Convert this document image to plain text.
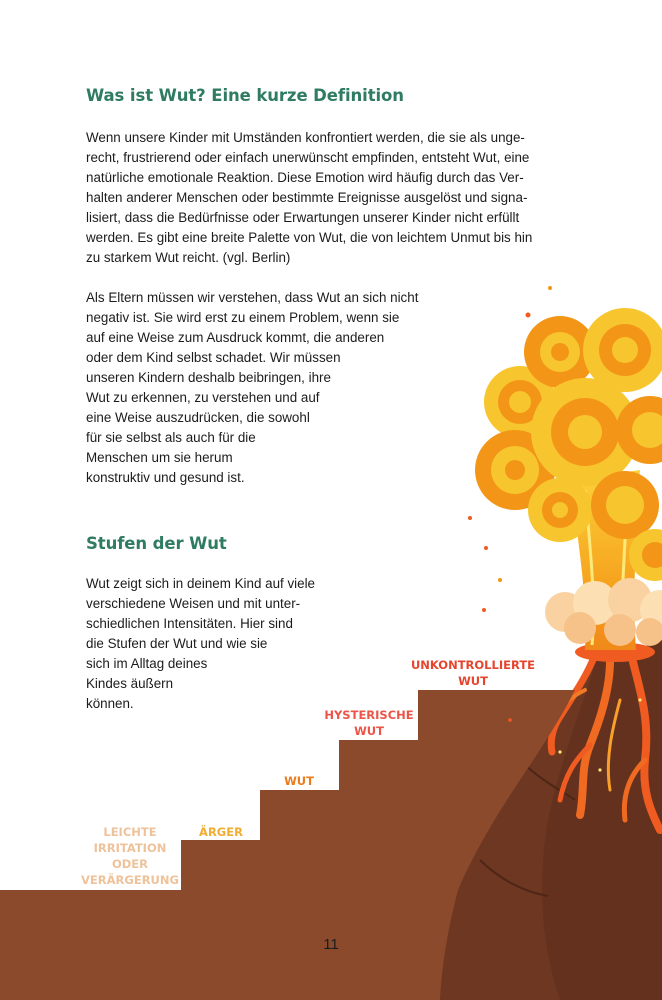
Was ist Wut? Eine kurze Definition

Wenn unsere Kinder mit Umständen konfrontiert werden, die sie als unge-
recht, frustrierend oder einfach unerwünscht empfinden, entsteht Wut, eine
natürliche emotionale Reaktion. Diese Emotion wird häufig durch das Ver-
halten anderer Menschen oder bestimmte Ereignisse ausgelöst und signa-
lisiert, dass die Bedürfnisse oder Erwartungen unserer Kinder nicht erfüllt
werden. Es gibt eine breite Palette von Wut, die von leichtem Unmut bis hin
zu starkem Wut reicht. (vgl. Berlin)

Als Eltern müssen wir verstehen, dass Wut an sich nicht
negativ ist. Sie wird erst zu einem Problem, wenn sie
auf eine Weise zum Ausdruck kommt, die anderen
oder dem Kind selbst schadet. Wir müssen
unseren Kindern deshalb beibringen, ihre
Wut zu erkennen, zu verstehen und auf
eine Weise auszudrücken, die sowohl
für sie selbst als auch für die
Menschen um sie herum
konstruktiv und gesund ist.

Stufen der Wut

Wut zeigt sich in deinem Kind auf viele
verschiedene Weisen und mit unter-
schiedlichen Intensitäten. Hier sind
die Stufen der Wut und wie sie
sich im Alltag deines
Kindes äußern
können.

LEICHTE
IRRITATION
ODER
VERÄRGERUNG
ÄRGER
WUT
HYSTERISCHE
WUT
UNKONTROLLIERTE
WUT

11
